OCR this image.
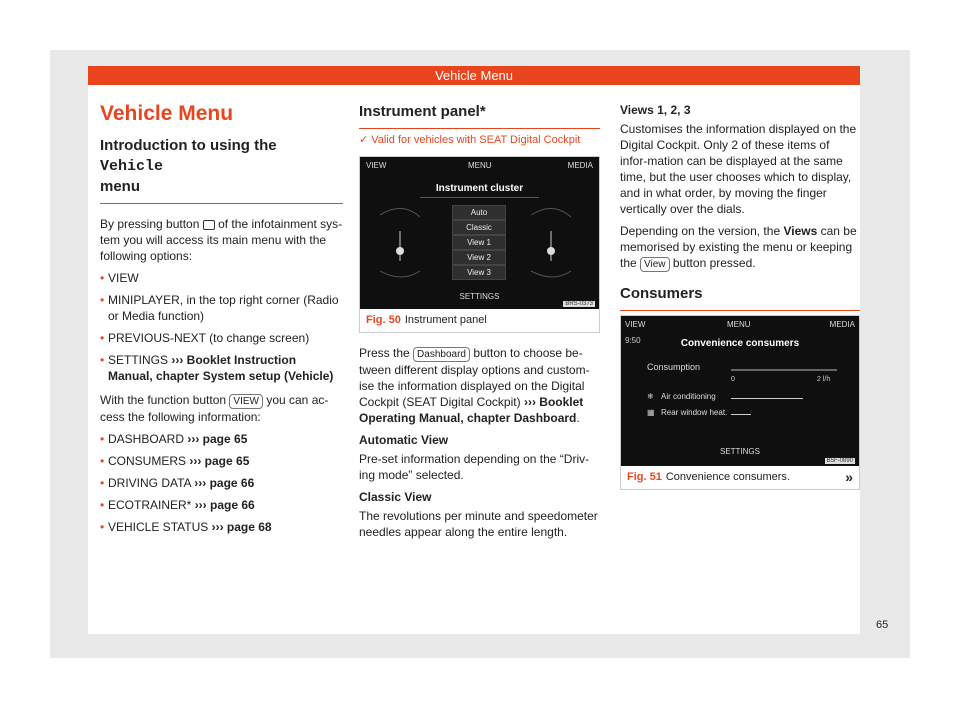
Vehicle Menu
Vehicle Menu
Introduction to using the Vehicle
menu

By pressing button of the infotainment sys-tem you will access its main menu with the following options:

• VIEW
• MINIPLAYER, in the top right corner (Radio or Media function)
• PREVIOUS-NEXT (to change screen)
• SETTINGS ››› Booklet Instruction Manual, chapter System setup (Vehicle)

With the function button VIEW you can ac-cess the following information:

• DASHBOARD ››› page 65
• CONSUMERS ››› page 65
• DRIVING DATA ››› page 66
• ECOTRAINER* ››› page 66
• VEHICLE STATUS ››› page 68
Instrument panel*
✓ Valid for vehicles with SEAT Digital Cockpit
VIEW	MENU	MEDIA
Instrument cluster
Auto
Classic
View 1
View 2
View 3
SETTINGS
BRS-0373
Fig. 50 Instrument panel

Press the Dashboard button to choose be-tween different display options and custom-ise the information displayed on the Digital Cockpit (SEAT Digital Cockpit) ››› Booklet Operating Manual, chapter Dashboard.

Automatic View

Pre-set information depending on the “Driv-ing mode” selected.

Classic View

The revolutions per minute and speedometer needles appear along the entire length.

Views 1, 2, 3

Customises the information displayed on the Digital Cockpit. Only 2 of these items of infor-mation can be displayed at the same time, but the user chooses which to display, and in what order, by moving the finger vertically over the dials.

Depending on the version, the Views can be memorised by existing the menu or keeping the View button pressed.

Consumers
VIEW	MENU	MEDIA
9:50	Convenience consumers
Consumption
0	2 l/h
❄ Air conditioning
▦ Rear window heat.
SETTINGS
B5F-0890
Fig. 51 Convenience consumers.	»
65
